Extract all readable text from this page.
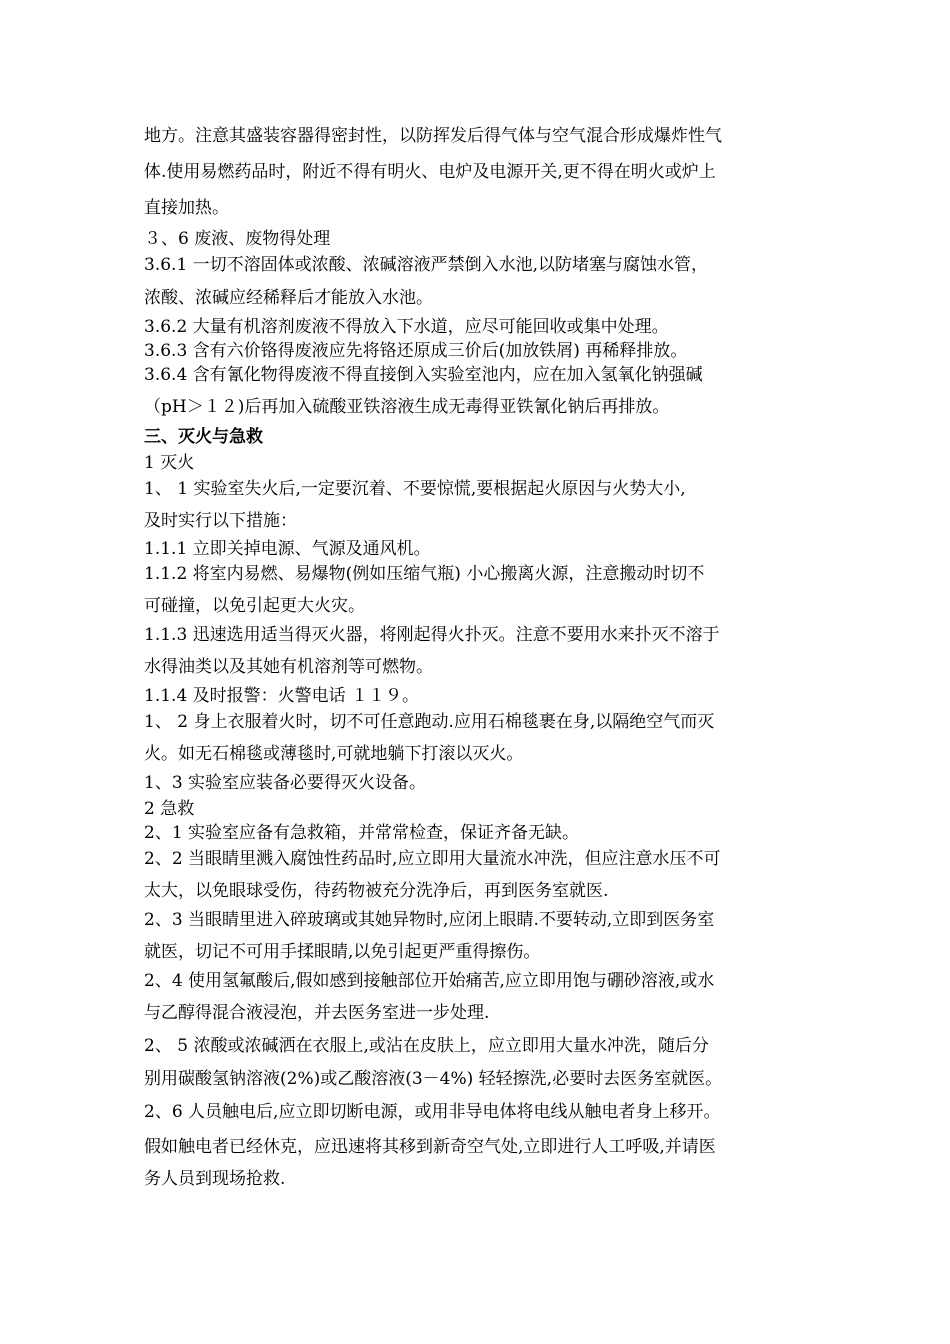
地方。注意其盛装容器得密封性，以防挥发后得气体与空气混合形成爆炸性气
体.使用易燃药品时，附近不得有明火、电炉及电源开关,更不得在明火或炉上
直接加热。
３、6 废液、废物得处理
3.6.1 一切不溶固体或浓酸、浓碱溶液严禁倒入水池,以防堵塞与腐蚀水管，
浓酸、浓碱应经稀释后才能放入水池。
3.6.2 大量有机溶剂废液不得放入下水道，应尽可能回收或集中处理。
3.6.3 含有六价铬得废液应先将铬还原成三价后(加放铁屑) 再稀释排放。
3.6.4 含有氰化物得废液不得直接倒入实验室池内，应在加入氢氧化钠强碱
（pH＞１２)后再加入硫酸亚铁溶液生成无毒得亚铁氰化钠后再排放。
三、灭火与急救
1 灭火
1、 1 实验室失火后,一定要沉着、不要惊慌,要根据起火原因与火势大小,
及时实行以下措施：
1.1.1 立即关掉电源、气源及通风机。
1.1.2 将室内易燃、易爆物(例如压缩气瓶) 小心搬离火源，注意搬动时切不
可碰撞，以免引起更大火灾。
1.1.3 迅速选用适当得灭火器，将刚起得火扑灭。注意不要用水来扑灭不溶于
水得油类以及其她有机溶剂等可燃物。
1.1.4 及时报警：火警电话 １１９。
1、 2 身上衣服着火时，切不可任意跑动.应用石棉毯裹在身,以隔绝空气而灭
火。如无石棉毯或薄毯时,可就地躺下打滚以灭火。
1、3 实验室应装备必要得灭火设备。
2 急救
2、1 实验室应备有急救箱，并常常检查，保证齐备无缺。
2、2 当眼睛里溅入腐蚀性药品时,应立即用大量流水冲洗，但应注意水压不可
太大，以免眼球受伤，待药物被充分洗净后，再到医务室就医.
2、3 当眼睛里进入碎玻璃或其她异物时,应闭上眼睛.不要转动,立即到医务室
就医，切记不可用手揉眼睛,以免引起更严重得擦伤。
2、4 使用氢氟酸后,假如感到接触部位开始痛苦,应立即用饱与硼砂溶液,或水
与乙醇得混合液浸泡，并去医务室进一步处理.
2、 5 浓酸或浓碱洒在衣服上,或沾在皮肤上，应立即用大量水冲洗，随后分
别用碳酸氢钠溶液(2%)或乙酸溶液(3－4%) 轻轻擦洗,必要时去医务室就医。
2、6 人员触电后,应立即切断电源，或用非导电体将电线从触电者身上移开。
假如触电者已经休克，应迅速将其移到新奇空气处,立即进行人工呼吸,并请医
务人员到现场抢救.
